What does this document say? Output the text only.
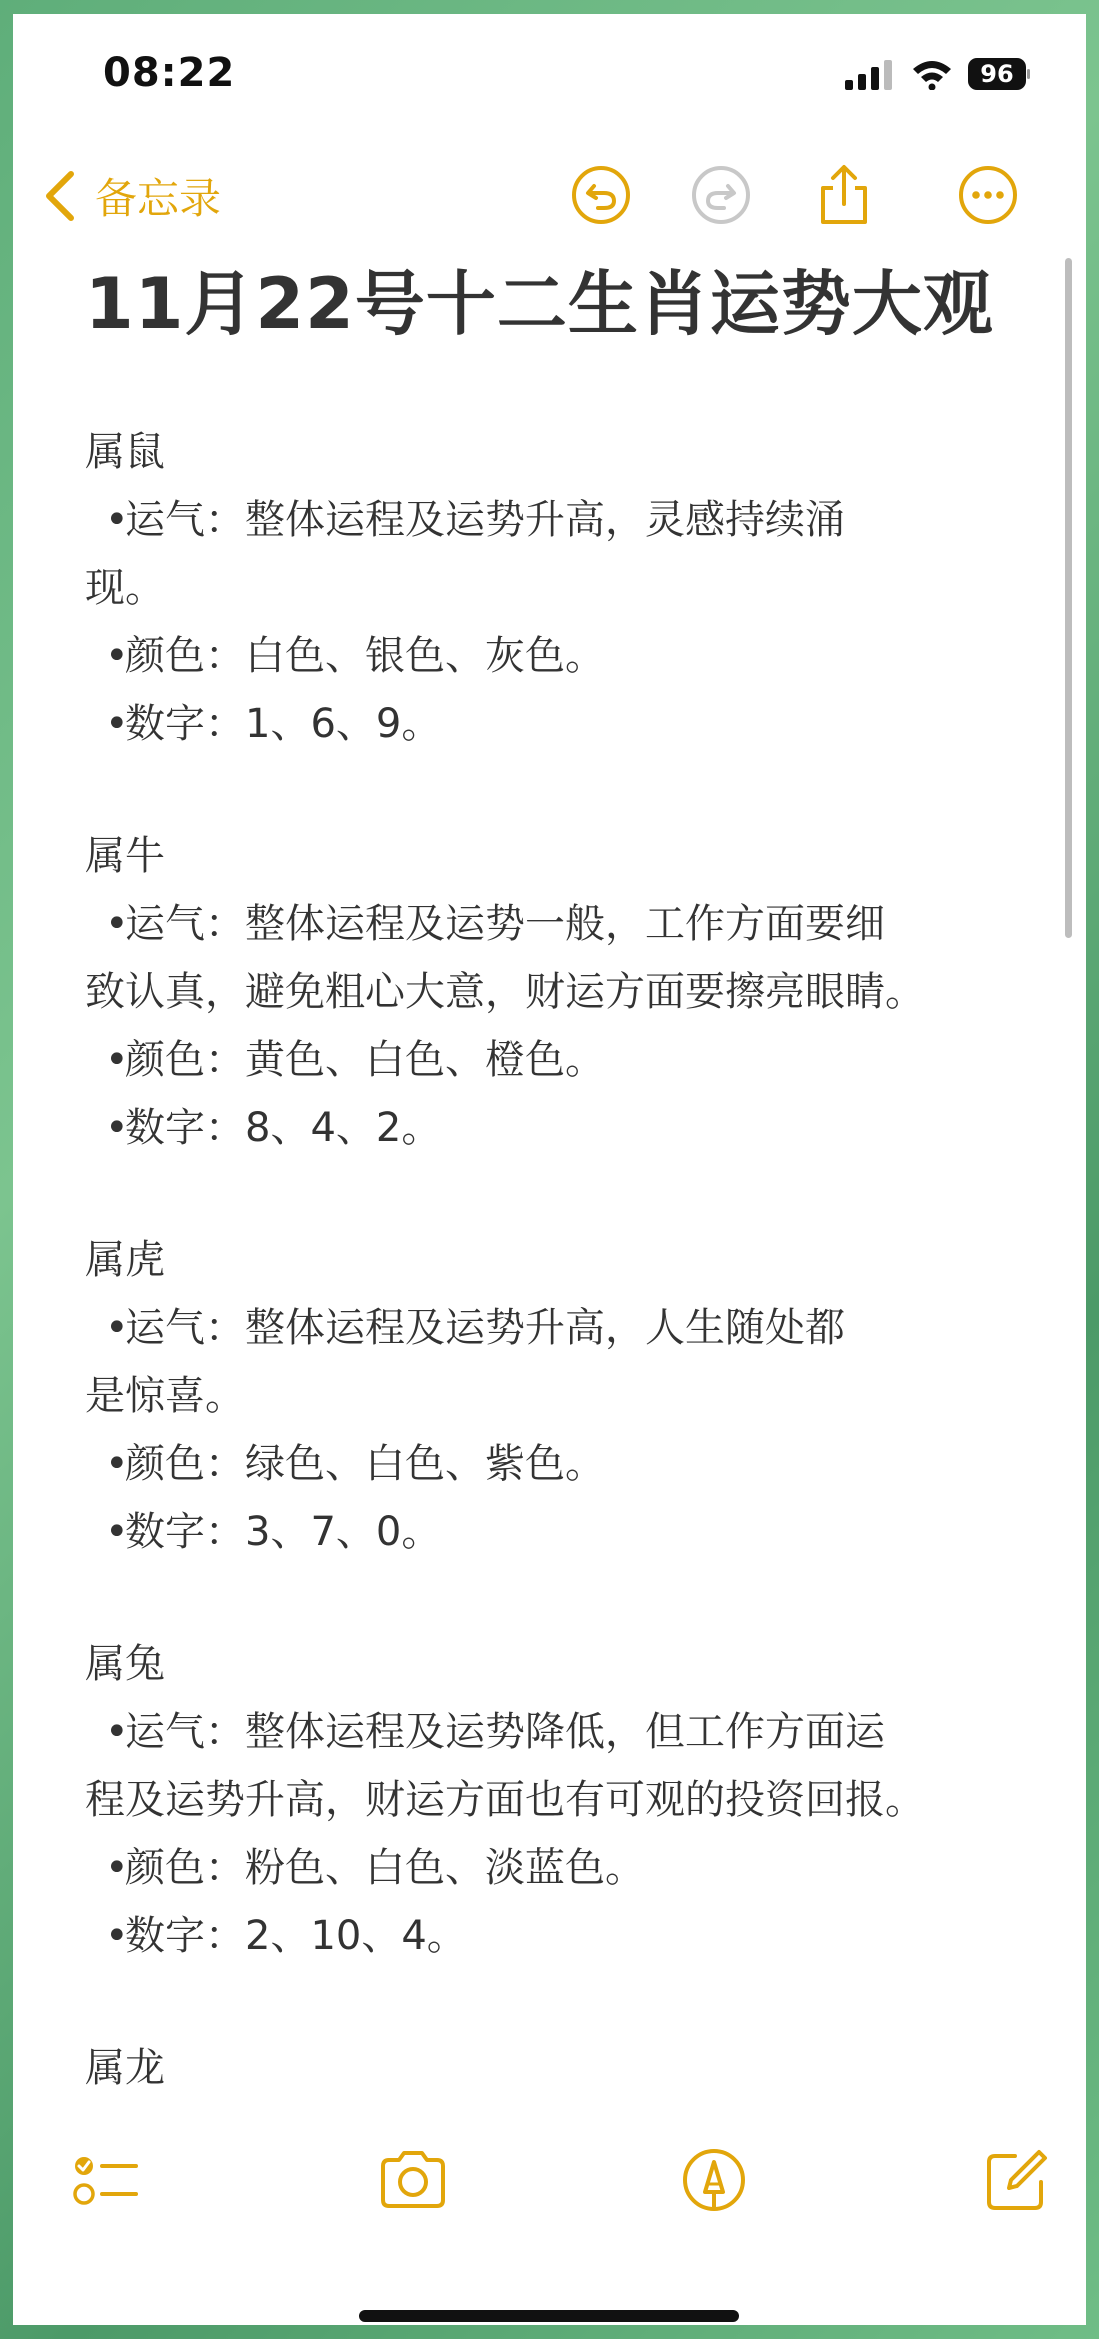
08:22	96
备忘录
11月22号十二生肖运势大观
属鼠
•运气：整体运程及运势升高，灵感持续涌
现。
•颜色：白色、银色、灰色。
•数字：1、6、9。
属牛
•运气：整体运程及运势一般，工作方面要细
致认真，避免粗心大意，财运方面要擦亮眼睛。
•颜色：黄色、白色、橙色。
•数字：8、4、2。
属虎
•运气：整体运程及运势升高，人生随处都
是惊喜。
•颜色：绿色、白色、紫色。
•数字：3、7、0。
属兔
•运气：整体运程及运势降低，但工作方面运
程及运势升高，财运方面也有可观的投资回报。
•颜色：粉色、白色、淡蓝色。
•数字：2、10、4。
属龙
